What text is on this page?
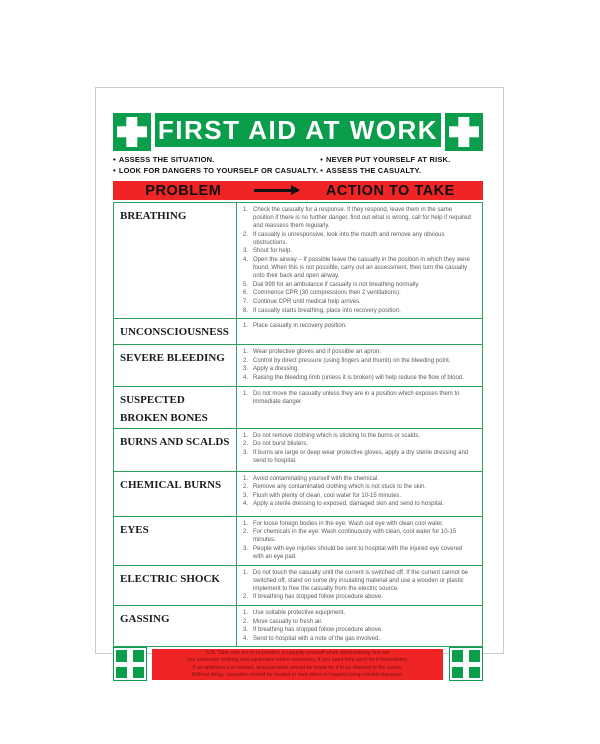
FIRST AID AT WORK
• ASSESS THE SITUATION.
• LOOK FOR DANGERS TO YOURSELF OR CASUALTY.
• NEVER PUT YOURSELF AT RISK.
• ASSESS THE CASUALTY.
PROBLEM	ACTION TO TAKE
BREATHING	1. Check the casualty for a response. If they respond, leave them in the same position if there is no further danger, find out what is wrong, call for help if required and reassess them regularly.
2. If casualty is unresponsive, look into the mouth and remove any obvious obstructions.
3. Shout for help.
4. Open the airway – If possible leave the casualty in the position in which they were found. When this is not possible, carry out an assessment, then turn the casualty onto their back and open airway.
5. Dial 999 for an ambulance if casualty is not breathing normally.
6. Commence CPR (30 compressions then 2 ventilations).
7. Continue CPR until medical help arrives.
8. If casualty starts breathing, place into recovery position.
UNCONSCIOUSNESS	1. Place casualty in recovery position.
SEVERE BLEEDING	1. Wear protective gloves and if possible an apron.
2. Control by direct pressure (using fingers and thumb) on the bleeding point.
3. Apply a dressing.
4. Raising the bleeding limb (unless it is broken) will help reduce the flow of blood.
SUSPECTED BROKEN BONES
1. Do not move the casualty unless they are in a position which exposes them to immediate danger.
BURNS AND SCALDS	1. Do not remove clothing which is sticking to the burns or scalds.
2. Do not burst blisters.
3. If burns are large or deep wear protective gloves, apply a dry sterile dressing and send to hospital.
CHEMICAL BURNS	1. Avoid contaminating yourself with the chemical.
2. Remove any contaminated clothing which is not stuck to the skin.
3. Flush with plenty of clean, cool water for 10-15 minutes.
4. Apply a sterile dressing to exposed, damaged skin and send to hospital.
EYES	1. For loose foreign bodies in the eye: Wash out eye with clean cool water.
2. For chemicals in the eye: Wash continuously with clean, cool water for 10-15 minutes.
3. People with eye injuries should be sent to hospital with the injured eye covered with an eye pad.
ELECTRIC SHOCK	1. Do not touch the casualty until the current is switched off. If the current cannot be switched off, stand on some dry insulating material and use a wooden or plastic implement to free the casualty from the electric source.
2. If breathing has stopped follow procedure above.
GASSING	1. Use suitable protective equipment.
2. Move casualty to fresh air.
3. If breathing has stopped follow procedure above.
4. Send to hospital with a note of the gas involved.
N.B. Take care not to re-position a casualty yourself when administering first aid
Use protective clothing and equipment where necessary. If you need help send for it immediately.
If an ambulance is needed, arrangements should be made for it to be directed to the scene.
Without delay, casualties should be treated or sent direct to hospital using suitable transport.
